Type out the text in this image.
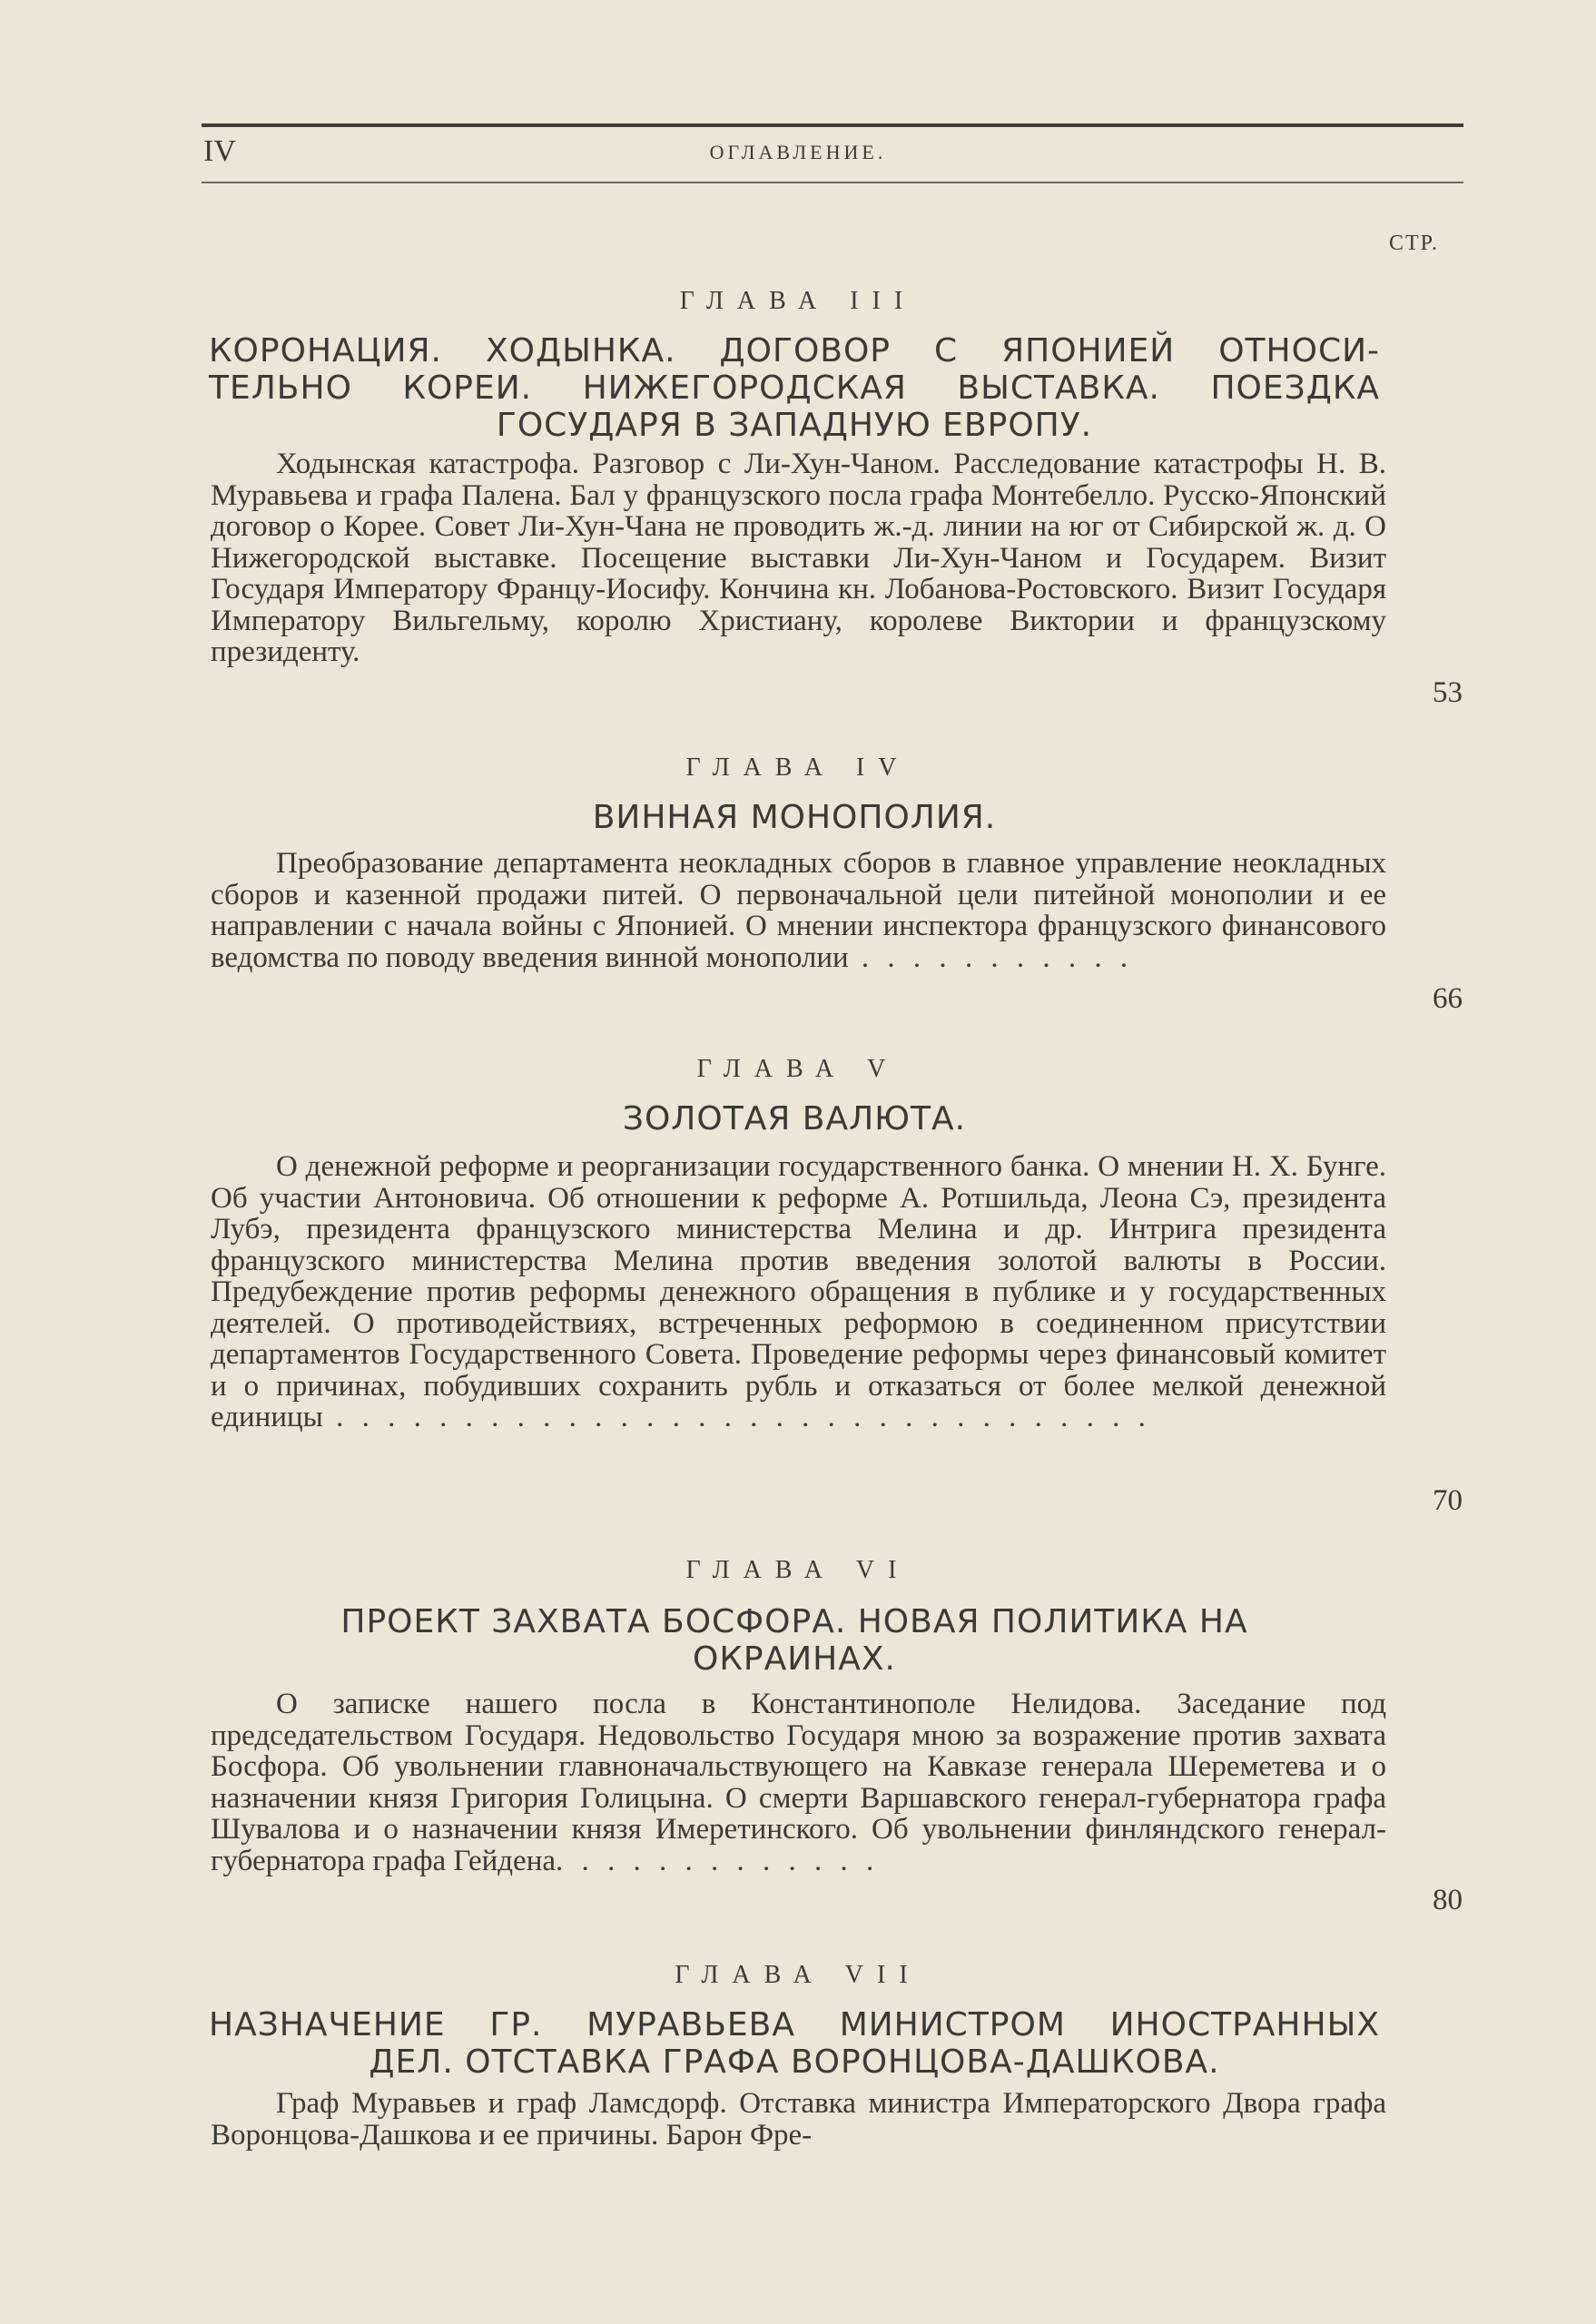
IV	ОГЛАВЛЕНИЕ.
СТР.
ГЛАВА III
КОРОНАЦИЯ. ХОДЫНКА. ДОГОВОР С ЯПОНИЕЙ ОТНОСИ-
ТЕЛЬНО КОРЕИ. НИЖЕГОРОДСКАЯ ВЫСТАВКА. ПОЕЗДКА
ГОСУДАРЯ В ЗАПАДНУЮ ЕВРОПУ.
Ходынская катастрофа. Разговор с Ли-Хун-Чаном. Расследование катастрофы Н. В. Муравьева и графа Палена. Бал у французского посла графа Монтебелло. Русско-Японский договор о Корее. Совет Ли-Хун-Чана не проводить ж.-д. линии на юг от Сибирской ж. д. О Нижегородской выставке. Посещение выставки Ли-Хун-Чаном и Государем. Визит Государя Императору Францу-Иосифу. Кончина кн. Лобанова-Ростовского. Визит Государя Императору Вильгельму, королю Христиану, королеве Виктории и французскому президенту.
53
ГЛАВА IV
ВИННАЯ МОНОПОЛИЯ.
Преобразование департамента неокладных сборов в главное управление неокладных сборов и казенной продажи питей. О первоначальной цели питейной монополии и ее направлении с начала войны с Японией. О мнении инспектора французского финансового ведомства по поводу введения винной монополии . . . . . . . . . . .
66
ГЛАВА V
ЗОЛОТАЯ ВАЛЮТА.
О денежной реформе и реорганизации государственного банка. О мнении Н. Х. Бунге. Об участии Антоновича. Об отношении к реформе А. Ротшильда, Леона Сэ, президента Лубэ, президента французского министерства Мелина и др. Интрига президента французского министерства Мелина против введения золотой валюты в России. Предубеждение против реформы денежного обращения в публике и у государственных деятелей. О противодействиях, встреченных реформою в соединенном присутствии департаментов Государственного Совета. Проведение реформы через финансовый комитет и о причинах, побудивших сохранить рубль и отказаться от более мелкой денежной единицы . . . . . . . . . . . . . . . . . . . . . . . . . . . . . . . .
70
ГЛАВА VI
ПРОЕКТ ЗАХВАТА БОСФОРА. НОВАЯ ПОЛИТИКА НА
ОКРАИНАХ.
О записке нашего посла в Константинополе Нелидова. Заседание под председательством Государя. Недовольство Государя мною за возражение против захвата Босфора. Об увольнении главноначальствующего на Кавказе генерала Шереметева и о назначении князя Григория Голицына. О смерти Варшавского генерал-губернатора графа Шувалова и о назначении князя Имеретинского. Об увольнении финляндского генерал-губернатора графа Гейдена. . . . . . . . . . . . .
80
ГЛАВА VII
НАЗНАЧЕНИЕ ГР. МУРАВЬЕВА МИНИСТРОМ ИНОСТРАННЫХ
ДЕЛ. ОТСТАВКА ГРАФА ВОРОНЦОВА-ДАШКОВА.
Граф Муравьев и граф Ламсдорф. Отставка министра Императорского Двора графа Воронцова-Дашкова и ее причины. Барон Фре-
